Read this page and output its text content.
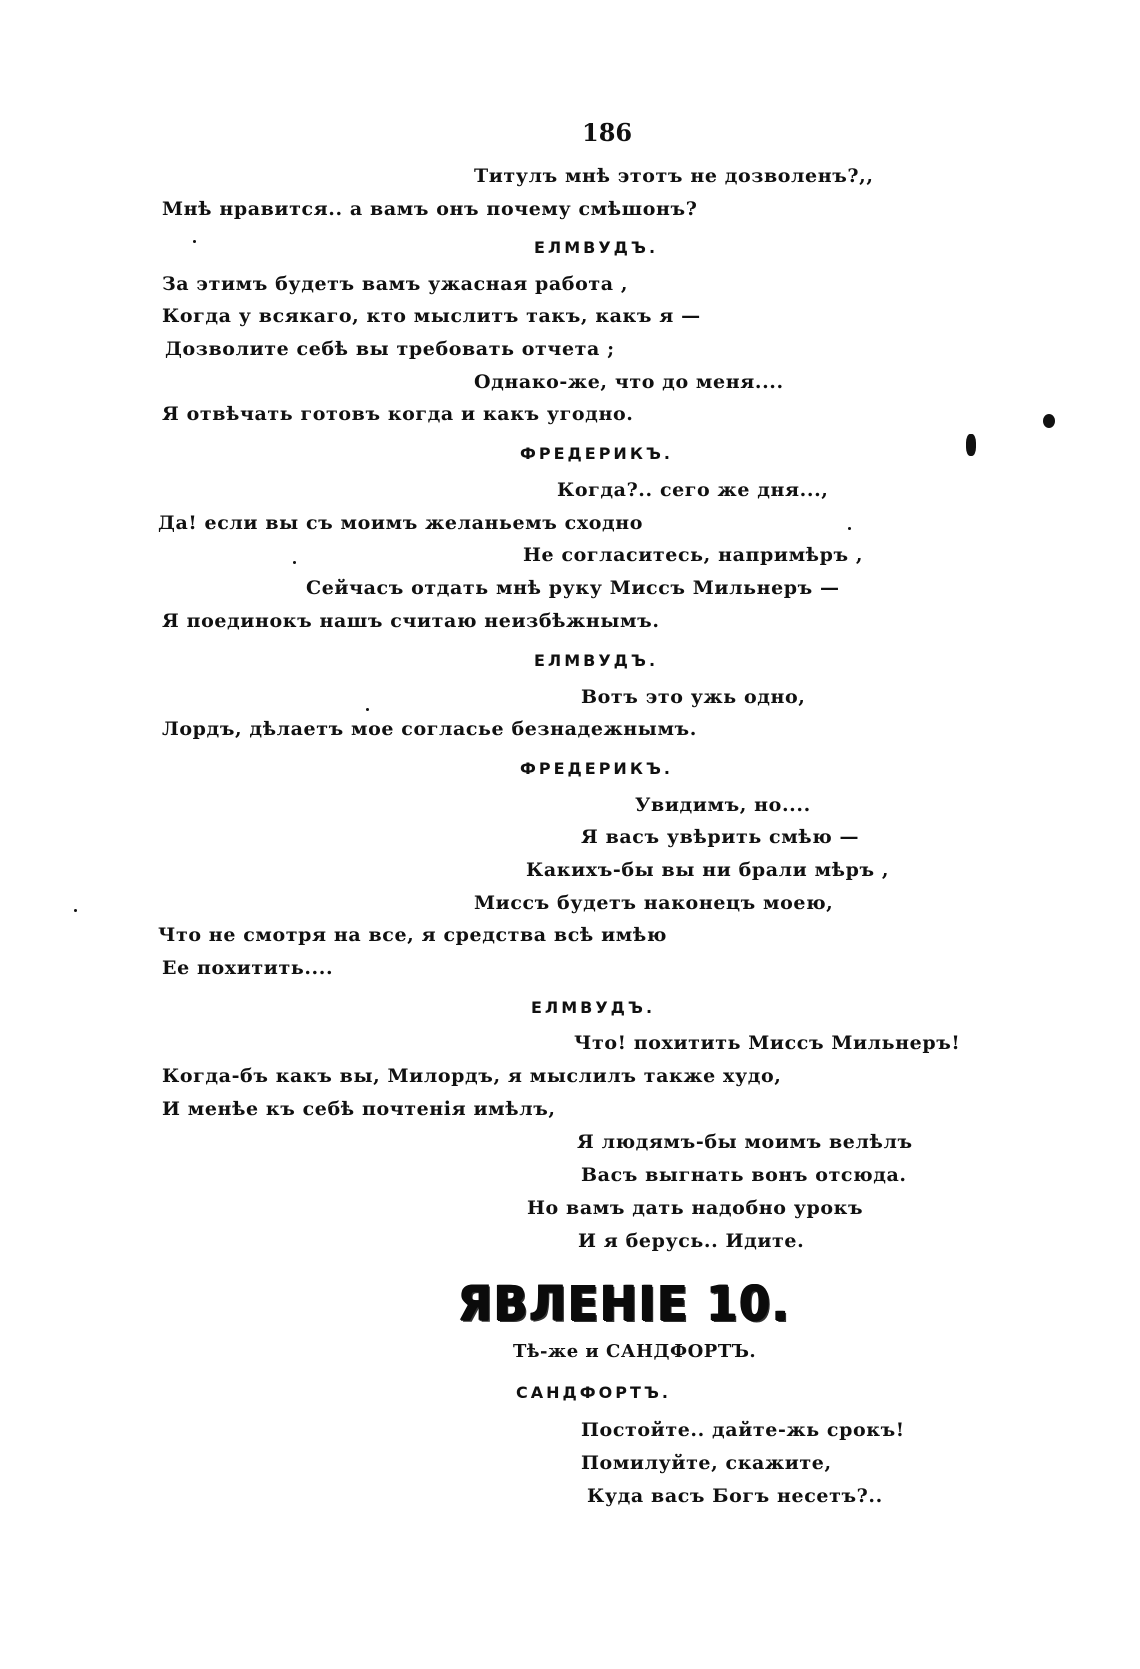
186
Титулъ мнѣ этотъ не дозволенъ?,,
Мнѣ нравится.. а вамъ онъ почему смѣшонъ?
ЕЛМВУДЪ.
За этимъ будетъ вамъ ужасная работа ,
Когда у всякаго, кто мыслитъ такъ, какъ я —
Дозволите себѣ вы требовать отчета ;
Однако-же, что до меня....
Я отвѣчать готовъ когда и какъ угодно.
ФРЕДЕРИКЪ.
Когда?.. сего же дня...,
Да! если вы съ моимъ желаньемъ сходно
Не согласитесь, напримѣръ ,
Сейчасъ отдать мнѣ руку Миссъ Мильнеръ —
Я поединокъ нашъ считаю неизбѣжнымъ.
ЕЛМВУДЪ.
Вотъ это ужь одно,
Лордъ, дѣлаетъ мое согласье безнадежнымъ.
ФРЕДЕРИКЪ.
Увидимъ, но....
Я васъ увѣрить смѣю —
Какихъ-бы вы ни брали мѣръ ,
Миссъ будетъ наконецъ моею,
Что не смотря на все, я средства всѣ имѣю
Ее похитить....
ЕЛМВУДЪ.
Что! похитить Миссъ Мильнеръ!
Когда-бъ какъ вы, Милордъ, я мыслилъ также худо,
И менѣе къ себѣ почтенія имѣлъ,
Я людямъ-бы моимъ велѣлъ
Васъ выгнать вонъ отсюда.
Но вамъ дать надобно урокъ
И я берусь.. Идите.
ЯВЛЕНІЕ 10.
Тѣ-же и САНДФОРТЪ.
САНДФОРТЪ.
Постойте.. дайте-жь срокъ!
Помилуйте, скажите,
Куда васъ Богъ несетъ?..
